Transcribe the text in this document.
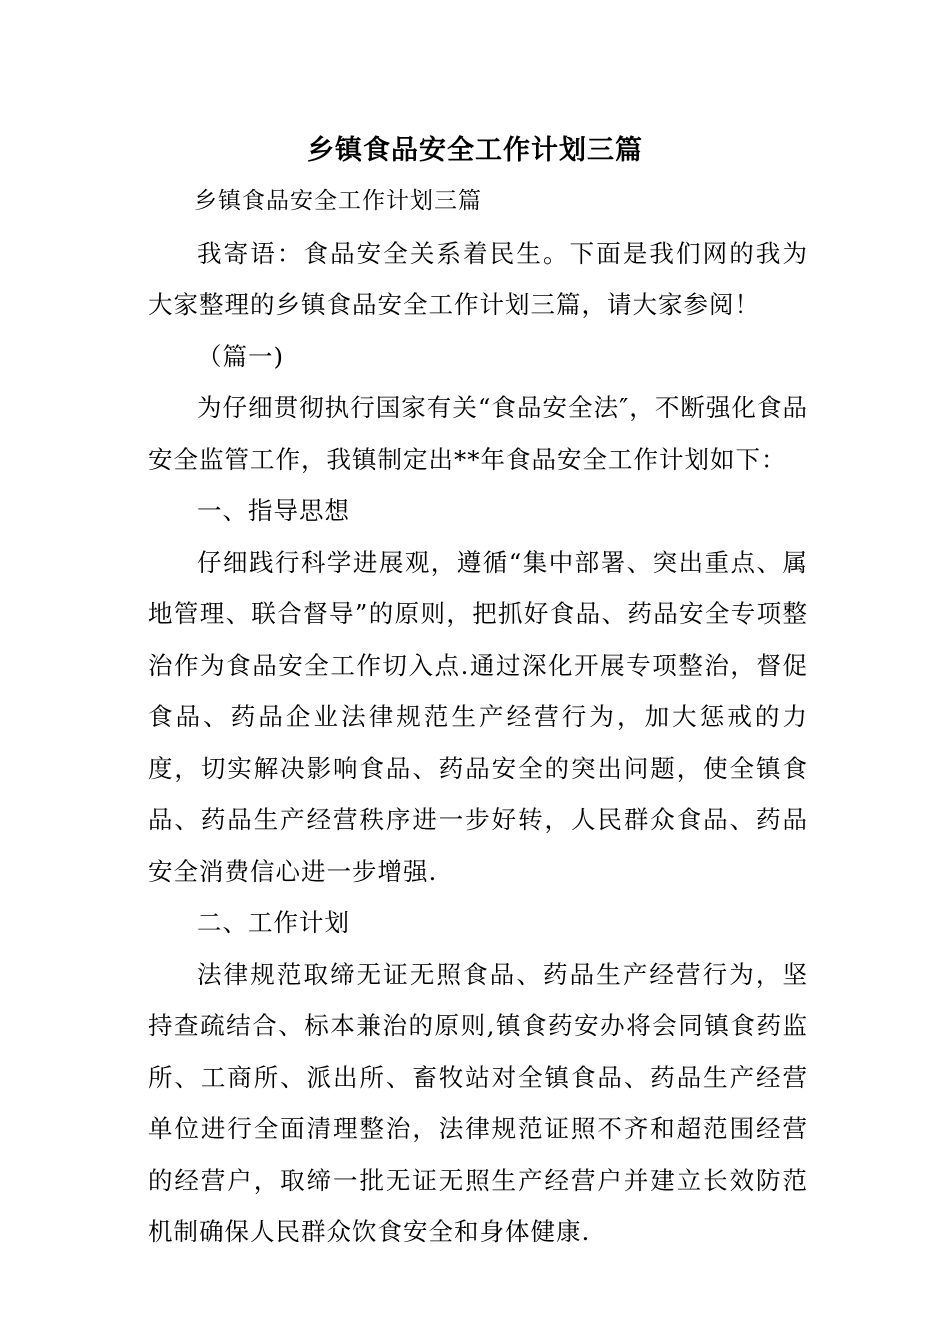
乡镇食品安全工作计划三篇

乡镇食品安全工作计划三篇

我寄语：食品安全关系着民生。下面是我们网的我为大家整理的乡镇食品安全工作计划三篇，请大家参阅！

（篇一)

为仔细贯彻执行国家有关“食品安全法″，不断强化食品安全监管工作，我镇制定出**年食品安全工作计划如下：

一、指导思想

仔细践行科学进展观，遵循“集中部署、突出重点、属地管理、联合督导”的原则，把抓好食品、药品安全专项整治作为食品安全工作切入点.通过深化开展专项整治，督促食品、药品企业法律规范生产经营行为，加大惩戒的力度，切实解决影响食品、药品安全的突出问题，使全镇食品、药品生产经营秩序进一步好转，人民群众食品、药品安全消费信心进一步增强.

二、工作计划

法律规范取缔无证无照食品、药品生产经营行为，坚持查疏结合、标本兼治的原则,镇食药安办将会同镇食药监所、工商所、派出所、畜牧站对全镇食品、药品生产经营单位进行全面清理整治，法律规范证照不齐和超范围经营的经营户，取缔一批无证无照生产经营户并建立长效防范机制确保人民群众饮食安全和身体健康.
